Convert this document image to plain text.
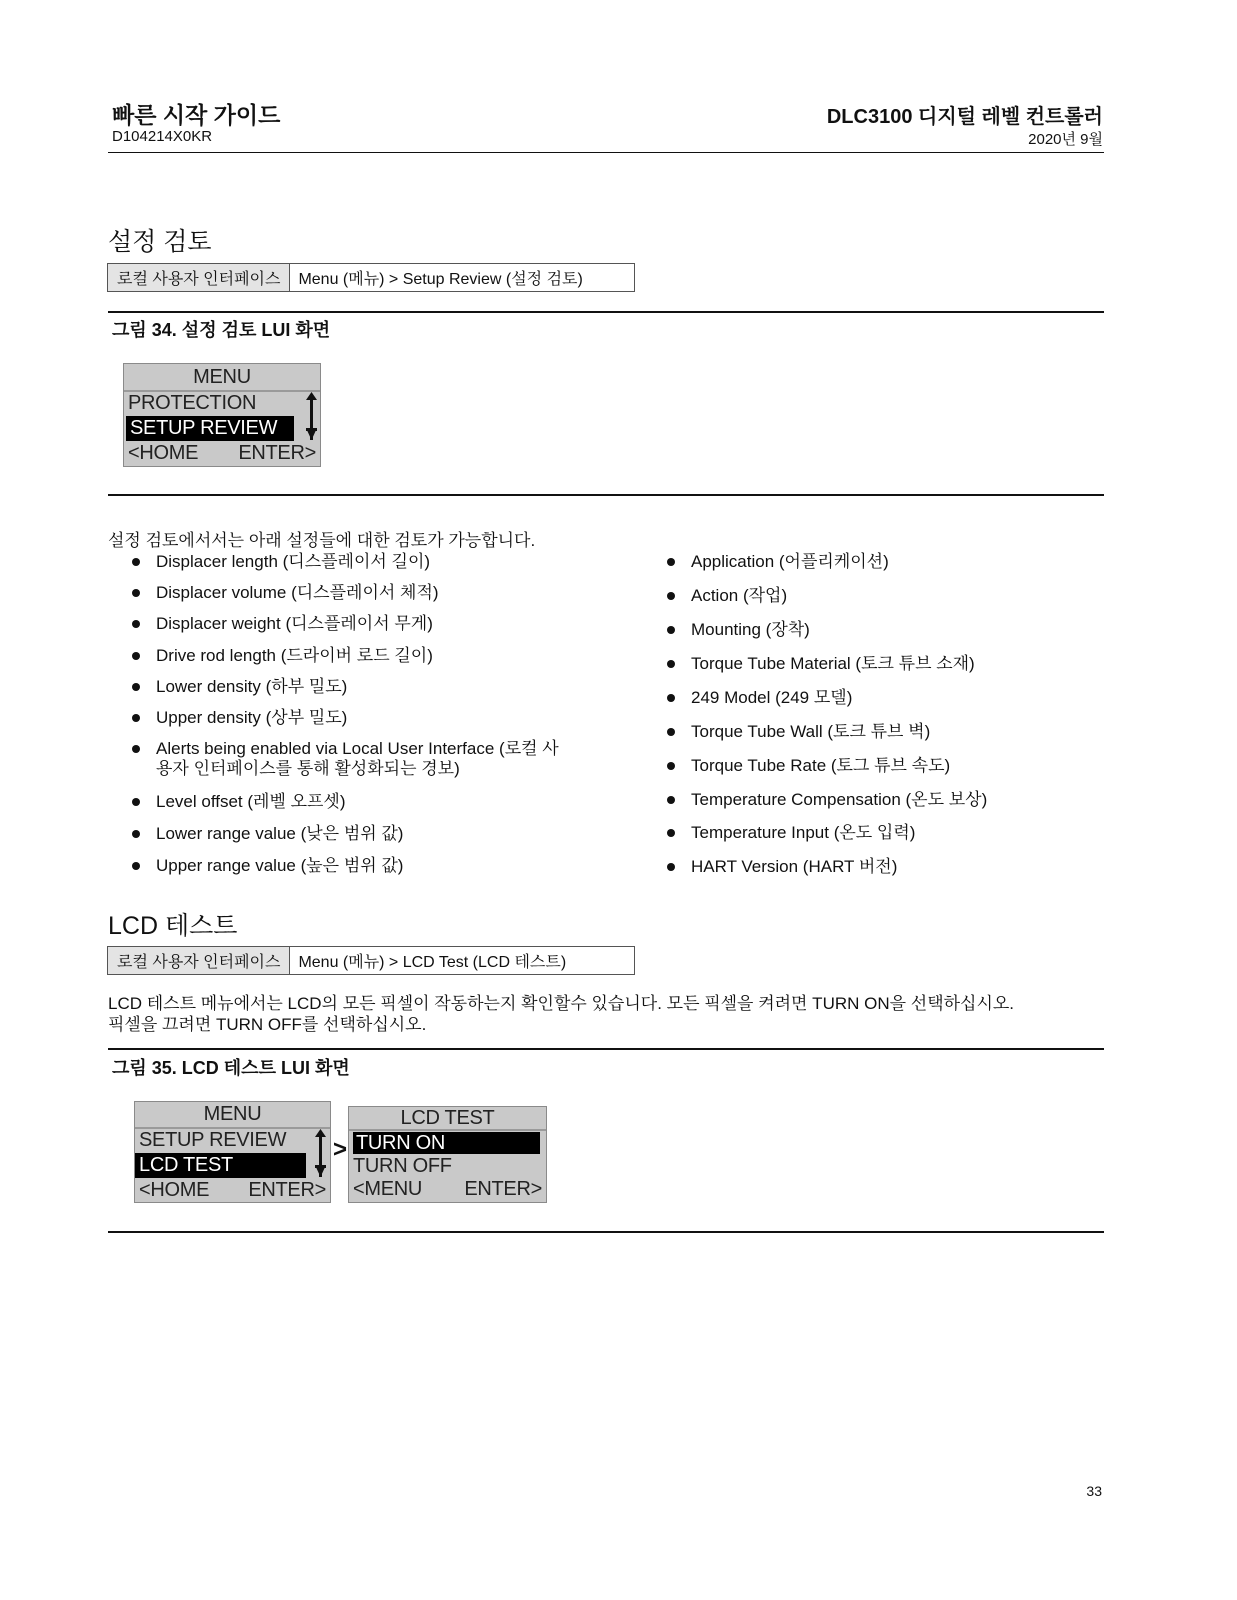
빠른 시작 가이드
D104214X0KR
DLC3100 디지털 레벨 컨트롤러
2020년 9월
설정 검토
로컬 사용자 인터페이스	Menu (메뉴) > Setup Review (설정 검토)
그림 34. 설정 검토 LUI 화면
MENU
PROTECTION
SETUP REVIEW
<HOME ENTER>
설정 검토에서서는 아래 설정들에 대한 검토가 가능합니다.
Displacer length (디스플레이서 길이)
Displacer volume (디스플레이서 체적)
Displacer weight (디스플레이서 무게)
Drive rod length (드라이버 로드 길이)
Lower density (하부 밀도)
Upper density (상부 밀도)
Alerts being enabled via Local User Interface (로컬 사용자 인터페이스를 통해 활성화되는 경보)
Level offset (레벨 오프셋)
Lower range value (낮은 범위 값)
Upper range value (높은 범위 값)
Application (어플리케이션)
Action (작업)
Mounting (장착)
Torque Tube Material (토크 튜브 소재)
249 Model (249 모델)
Torque Tube Wall (토크 튜브 벽)
Torque Tube Rate (토그 튜브 속도)
Temperature Compensation (온도 보상)
Temperature Input (온도 입력)
HART Version (HART 버전)
LCD 테스트
로컬 사용자 인터페이스	Menu (메뉴) > LCD Test (LCD 테스트)
LCD 테스트 메뉴에서는 LCD의 모든 픽셀이 작동하는지 확인할수 있습니다. 모든 픽셀을 켜려면 TURN ON을 선택하십시오.
픽셀을 끄려면 TURN OFF를 선택하십시오.
그림 35. LCD 테스트 LUI 화면
MENU
SETUP REVIEW
LCD TEST
<HOME ENTER>
>
LCD TEST
TURN ON
TURN OFF
<MENU ENTER>
33
